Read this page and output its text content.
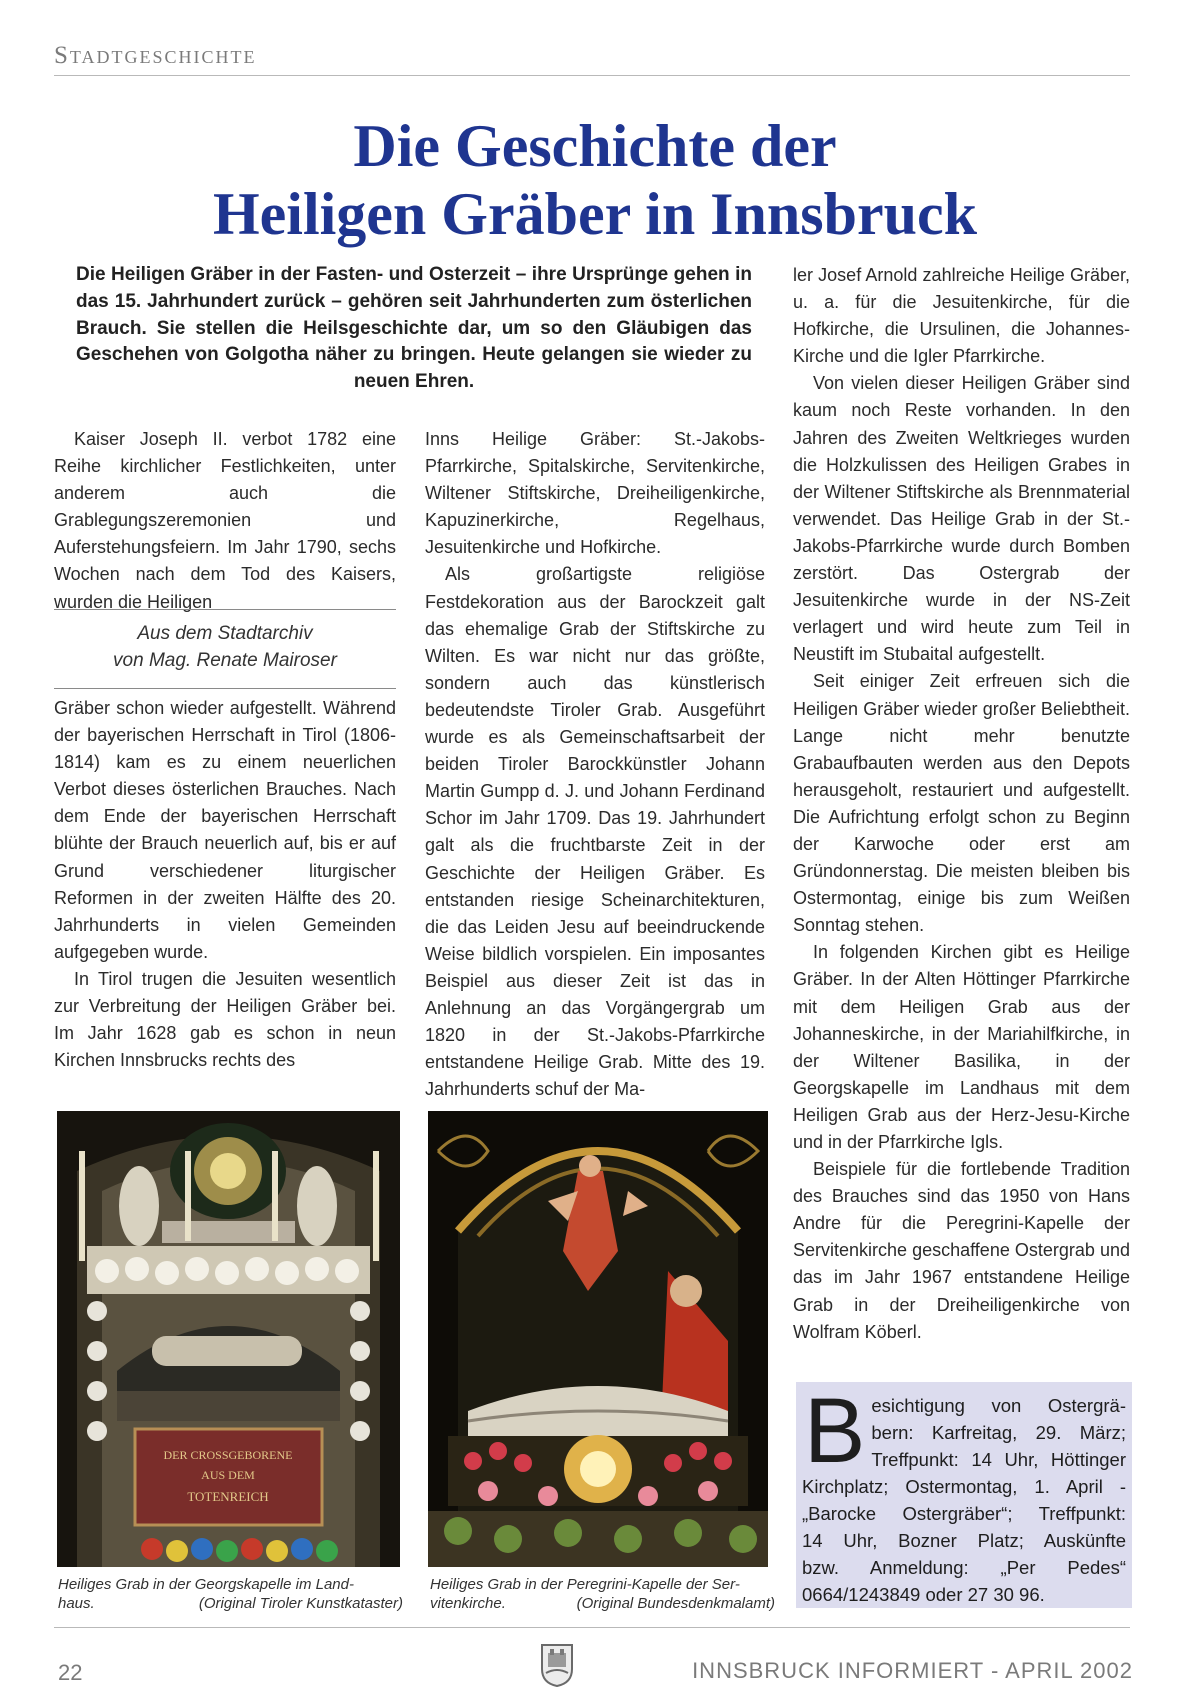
Stadtgeschichte
Die Geschichte der
Heiligen Gräber in Innsbruck
Die Heiligen Gräber in der Fasten- und Osterzeit – ihre Ursprünge gehen in das 15. Jahrhundert zurück – gehören seit Jahrhunderten zum österlichen Brauch. Sie stellen die Heilsgeschichte dar, um so den Gläubigen das Geschehen von Golgotha näher zu bringen. Heute gelangen sie wieder zu neuen Ehren.

Kaiser Joseph II. verbot 1782 eine Reihe kirchlicher Festlichkeiten, unter anderem auch die Grablegungszeremonien und Auferstehungsfeiern. Im Jahr 1790, sechs Wochen nach dem Tod des Kaisers, wurden die Heiligen

Aus dem Stadtarchiv
von Mag. Renate Mairoser

Gräber schon wieder aufgestellt. Während der bayerischen Herrschaft in Tirol (1806-1814) kam es zu einem neuerlichen Verbot dieses österlichen Brauches. Nach dem Ende der bayerischen Herrschaft blühte der Brauch neuerlich auf, bis er auf Grund verschiedener liturgischer Reformen in der zweiten Hälfte des 20. Jahrhunderts in vielen Gemeinden aufgegeben wurde.

In Tirol trugen die Jesuiten wesentlich zur Verbreitung der Heiligen Gräber bei. Im Jahr 1628 gab es schon in neun Kirchen Innsbrucks rechts des

Inns Heilige Gräber: St.-Jakobs-Pfarrkirche, Spitalskirche, Servitenkirche, Wiltener Stiftskirche, Dreiheiligenkirche, Kapuzinerkirche, Regelhaus, Jesuitenkirche und Hofkirche.

Als großartigste religiöse Festdekoration aus der Barockzeit galt das ehemalige Grab der Stiftskirche zu Wilten. Es war nicht nur das größte, sondern auch das künstlerisch bedeutendste Tiroler Grab. Ausgeführt wurde es als Gemeinschaftsarbeit der beiden Tiroler Barockkünstler Johann Martin Gumpp d. J. und Johann Ferdinand Schor im Jahr 1709. Das 19. Jahrhundert galt als die fruchtbarste Zeit in der Geschichte der Heiligen Gräber. Es entstanden riesige Scheinarchitekturen, die das Leiden Jesu auf beeindruckende Weise bildlich vorspielen. Ein imposantes Beispiel aus dieser Zeit ist das in Anlehnung an das Vorgängergrab um 1820 in der St.-Jakobs-Pfarrkirche entstandene Heilige Grab. Mitte des 19. Jahrhunderts schuf der Ma-

ler Josef Arnold zahlreiche Heilige Gräber, u. a. für die Jesuitenkirche, für die Hofkirche, die Ursulinen, die Johannes-Kirche und die Igler Pfarrkirche.

Von vielen dieser Heiligen Gräber sind kaum noch Reste vorhanden. In den Jahren des Zweiten Weltkrieges wurden die Holzkulissen des Heiligen Grabes in der Wiltener Stiftskirche als Brennmaterial verwendet. Das Heilige Grab in der St.-Jakobs-Pfarrkirche wurde durch Bomben zerstört. Das Ostergrab der Jesuitenkirche wurde in der NS-Zeit verlagert und wird heute zum Teil in Neustift im Stubaital aufgestellt.

Seit einiger Zeit erfreuen sich die Heiligen Gräber wieder großer Beliebtheit. Lange nicht mehr benutzte Grabaufbauten werden aus den Depots herausgeholt, restauriert und aufgestellt. Die Aufrichtung erfolgt schon zu Beginn der Karwoche oder erst am Gründonnerstag. Die meisten bleiben bis Ostermontag, einige bis zum Weißen Sonntag stehen.

In folgenden Kirchen gibt es Heilige Gräber. In der Alten Höttinger Pfarrkirche mit dem Heiligen Grab aus der Johanneskirche, in der Mariahilfkirche, in der Wiltener Basilika, in der Georgskapelle im Landhaus mit dem Heiligen Grab aus der Herz-Jesu-Kirche und in der Pfarrkirche Igls.

Beispiele für die fortlebende Tradition des Brauches sind das 1950 von Hans Andre für die Peregrini-Kapelle der Servitenkirche geschaffene Ostergrab und das im Jahr 1967 entstandene Heilige Grab in der Dreiheiligenkirche von Wolfram Köberl.

DER CROSSGEBORENE
AUS DEM
TOTENREICH
Heiliges Grab in der Georgskapelle im Land-
haus.	(Original Tiroler Kunstkataster)
Heiliges Grab in der Peregrini-Kapelle der Ser-
vitenkirche.	(Original Bundesdenkmalamt)
B esichtigung von Ostergrä-
bern: Karfreitag, 29. März;
Treffpunkt: 14 Uhr, Höttinger
Kirchplatz; Ostermontag, 1. April -
„Barocke Ostergräber“; Treffpunkt:
14 Uhr, Bozner Platz; Auskünfte
bzw. Anmeldung: „Per Pedes“
0664/1243849 oder 27 30 96.
22	INNSBRUCK INFORMIERT - APRIL 2002
